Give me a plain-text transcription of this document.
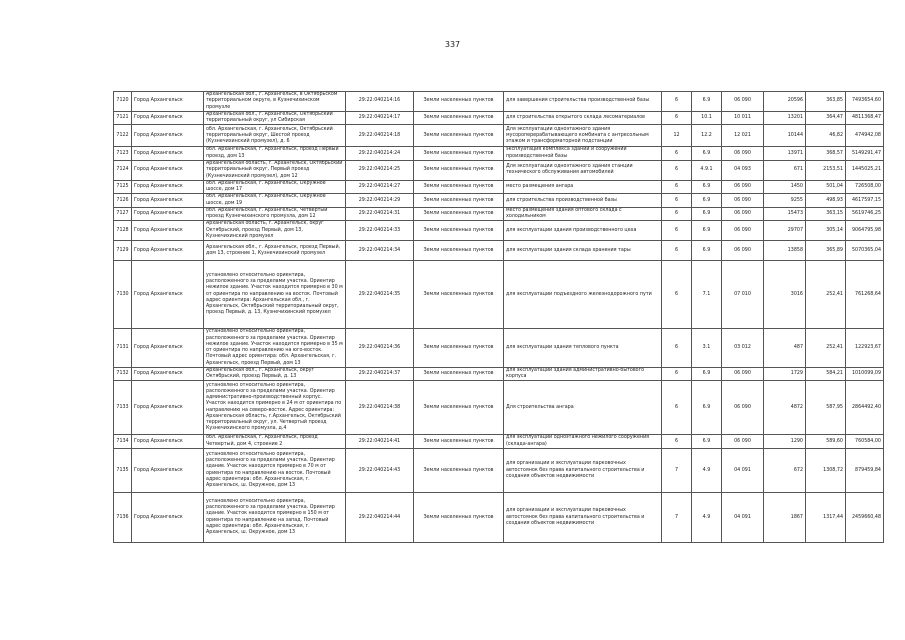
337
7120	Город Архангельск	Архангельская обл., г. Архангельск, в Октябрьском территориальном округе, в Кузнечихинском промузле	29:22:040214:16	Земли населенных пунктов	для завершения строительства производственной базы	6	6.9	06 090	20596	363,85	7493654,60
7121	Город Архангельск	Архангельская обл., г. Архангельск, Октябрьский территориальный округ, ул Сибирская	29:22:040214:17	Земли населенных пунктов	для строительства открытого склада лесоматериалов	6	10.1	10 011	13201	364,47	4811368,47
7122	Город Архангельск	обл. Архангельская, г. Архангельск, Октябрьский территориальный округ, Шестой проезд (Кузнечихинский промузел), д. 6	29:22:040214:18	Земли населенных пунктов	Для эксплуатации одноэтажного здания мусороперерабатывающего комбината с антресольным этажом и трансформаторной подстанции	12	12.2	12 021	10144	46,82	474942,08
7123	Город Архангельск	обл. Архангельская, г. Архангельск, проезд Первый проезд, дом 13	29:22:040214:24	Земли населенных пунктов	эксплуатация комплекса зданий и сооружений производственной базы	6	6.9	06 090	13971	368,57	5149291,47
7124	Город Архангельск	Архангельская область, г. Архангельск, Октябрьский территориальный округ, Первый проезд (Кузнечихинский промузел), дом 12	29:22:040214:25	Земли населенных пунктов	Для эксплуатации одноэтажного здания станции технического обслуживания автомобилей	6	4.9.1	04 093	671	2153,51	1445025,21
7125	Город Архангельск	обл. Архангельская, г. Архангельск, Окружное шоссе, дом 17	29:22:040214:27	Земли населенных пунктов	место размещения ангара	6	6.9	06 090	1450	501,04	726508,00
7126	Город Архангельск	обл. Архангельская, г. Архангельск, Окружное шоссе, дом 19	29:22:040214:29	Земли населенных пунктов	для строительства производственной базы	6	6.9	06 090	9255	498,93	4617597,15
7127	Город Архангельск	обл. Архангельская, г. Архангельск, Четвертый проезд Кузнечихинского промузла, дом 12	29:22:040214:31	Земли населенных пунктов	место размещения здания оптового склада с холодильником	6	6.9	06 090	15473	363,15	5619746,25
7128	Город Архангельск	Архангельская область, г. Архангельск, округ Октябрьский, проезд Первый, дом 13, Кузнечихинский промузел	29:22:040214:33	Земли населенных пунктов	для эксплуатации здания производственного цеха	6	6.9	06 090	29707	305,14	9064795,98
7129	Город Архангельск	Архангельская обл., г. Архангельск, проезд Первый, дом 13, строение 1, Кузнечихинский промузел	29:22:040214:34	Земли населенных пунктов	для эксплуатации здания склада хранения тары	6	6.9	06 090	13858	365,89	5070365,04
7130	Город Архангельск	установлено относительно ориентира, расположенного за пределами участка. Ориентир нежилое здание. Участок находится примерно в 30 м от ориентира по направлению на восток. Почтовый адрес ориентира: Архангельская обл., г. Архангельск, Октябрьский территориальный округ, проезд Первый, д. 13, Кузнечихинский промузел	29:22:040214:35	Земли населенных пунктов	для эксплуатации подъездного железнодорожного пути	6	7.1	07 010	3016	252,41	761268,64
7131	Город Архангельск	установлено относительно ориентира, расположенного за пределами участка. Ориентир нежилое здание. Участок находится примерно в 35 м от ориентира по направлению на юго-восток. Почтовый адрес ориентира: обл. Архангельская, г. Архангельск, проезд Первый, дом 13	29:22:040214:36	Земли населенных пунктов	для эксплуатации здания теплового пункта	6	3.1	03 012	487	252,41	122923,67
7132	Город Архангельск	Архангельская обл., г. Архангельск, округ Октябрьский, проезд Первый, д. 13	29:22:040214:37	Земли населенных пунктов	для эксплуатации здания административно-бытового корпуса	6	6.9	06 090	1729	584,21	1010099,09
7133	Город Архангельск	установлено относительно ориентира, расположенного за пределами участка. Ориентир административно-производственный корпус. Участок находится примерно в 24 м от ориентира по направлению на северо-восток. Адрес ориентира: Архангельская область, г.Архангельск, Октябрьский территориальный округ, ул. Четвертый проезд Кузнечихинского промузла, д.4	29:22:040214:38	Земли населенных пунктов	Для строительства ангара	6	6.9	06 090	4872	587,95	2864492,40
7134	Город Архангельск	обл. Архангельская, г. Архангельск, проезд Четвертый, дом 4, строение 2	29:22:040214:41	Земли населенных пунктов	для эксплуатации одноэтажного нежилого сооружения (склада-ангара)	6	6.9	06 090	1290	589,60	760584,00
7135	Город Архангельск	установлено относительно ориентира, расположенного за пределами участка. Ориентир здание. Участок находится примерно в 70 м от ориентира по направлению на восток. Почтовый адрес ориентира: обл. Архангельская, г. Архангельск, ш. Окружное, дом 13	29:22:040214:43	Земли населенных пунктов	для организации и эксплуатации парковочных автостоянок без права капитального строительства и создания объектов недвижимости	7	4.9	04 091	672	1308,72	879459,84
7136	Город Архангельск	установлено относительно ориентира, расположенного за пределами участка. Ориентир здание. Участок находится примерно в 150 м от ориентира по направлению на запад. Почтовый адрес ориентира: обл. Архангельская, г. Архангельск, ш. Окружное, дом 13	29:22:040214:44	Земли населенных пунктов	для организации и эксплуатации парковочных автостоянок без права капитального строительства и создания объектов недвижимости	7	4.9	04 091	1867	1317,44	2459660,48
